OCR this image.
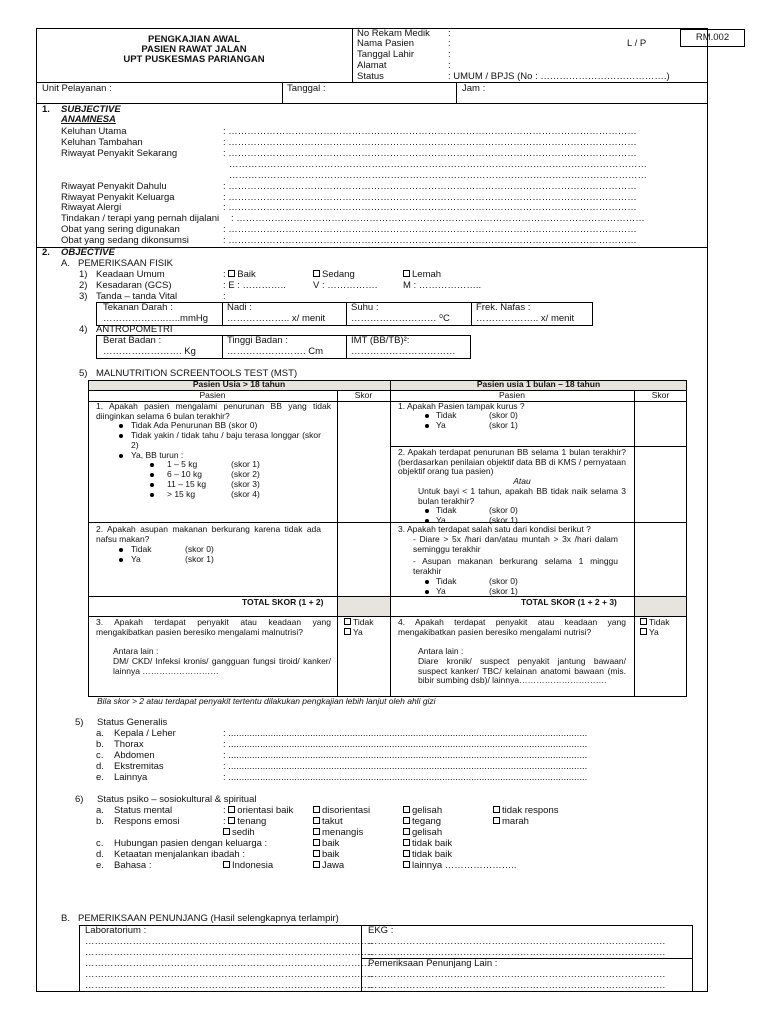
PENGKAJIAN AWAL
PASIEN RAWAT JALAN
UPT PUSKESMAS PARIANGAN
RM.002
L / P
No Rekam Medik
Nama Pasien
Tanggal Lahir
Alamat
Status
:
:
:
:
: UMUM / BPJS (No : ………………………………….)
Unit Pelayanan :	Tanggal :	Jam :
1. SUBJECTIVE
ANAMNESA
Keluhan Utama	: …………………………………………………………………………………………………………………
Keluhan Tambahan	: …………………………………………………………………………………………………………………
Riwayat Penyakit Sekarang	: …………………………………………………………………………………………………………………
……………………………………………………………………………………………………………………
……………………………………………………………………………………………………………………
Riwayat Penyakit Dahulu	: …………………………………………………………………………………………………………………
Riwayat Penyakit Keluarga	: …………………………………………………………………………………………………………………
Riwayat Alergi	: …………………………………………………………………………………………………………………
Tindakan / terapi yang pernah dijalani : …………………………………………………………………………………………………………………
Obat yang sering digunakan	: …………………………………………………………………………………………………………………
Obat yang sedang dikonsumsi	: …………………………………………………………………………………………………………………
2. OBJECTIVE
A. PEMERIKSAAN FISIK
1) Keadaan Umum	: Baik	Sedang	Lemah
2) Kesadaran (GCS)	: E : …………..	V : …………….	M : ………………..
3) Tanda – tanda Vital	:
Tekanan Darah :
………………..…..mmHg
Nadi :
……………….. x/ menit
Suhu :
……………………… ⁰C
Frek. Nafas :
……………….. x/ menit
4) ANTROPOMETRI
Berat Badan :
……………………. Kg
Tinggi Badan :
……………………. Cm
IMT (BB/TB)²:
……………………………
5) MALNUTRITION SCREENTOOLS TEST (MST)
Pasien Usia > 18 tahun	Pasien usia 1 bulan – 18 tahun
Pasien	Skor	Pasien	Skor
1. Apakah pasien mengalami penurunan BB yang tidak diinginkan selama 6 bulan terakhir?
Tidak Ada Penurunan BB (skor 0)
Tidak yakin / tidak tahu / baju terasa longgar (skor 2)
Ya, BB turun :
1 – 5 kg	(skor 1)
6 – 10 kg	(skor 2)
11 – 15 kg	(skor 3)
> 15 kg	(skor 4)
2. Apakah asupan makanan berkurang karena tidak ada nafsu makan?
Tidak	(skor 0)
Ya	(skor 1)
1. Apakah Pasien tampak kurus ?
Tidak	(skor 0)
Ya	(skor 1)
2. Apakah terdapat penurunan BB selama 1 bulan terakhir? (berdasarkan penilaian objektif data BB di KMS / pernyataan objektif orang tua pasien)
Atau
Untuk bayi < 1 tahun, apakah BB tidak naik selama 3 bulan terakhir?
Tidak	(skor 0)
Ya	(skor 1)
3. Apakah terdapat salah satu dari kondisi berikut ?
- Diare > 5x /hari dan/atau muntah > 3x /hari dalam seminggu terakhir
- Asupan makanan berkurang selama 1 minggu terakhir
Tidak	(skor 0)
Ya	(skor 1)
TOTAL SKOR (1 + 2)	TOTAL SKOR (1 + 2 + 3)
3. Apakah terdapat penyakit atau keadaan yang mengakibatkan pasien beresiko mengalami malnutrisi?
Antara lain :
DM/ CKD/ Infeksi kronis/ gangguan fungsi tiroid/ kanker/ lainnya ………………………
Tidak
Ya
4. Apakah terdapat penyakit atau keadaan yang mengakibatkan pasien beresiko mengalami nutrisi?
Antara lain :
Diare kronik/ suspect penyakit jantung bawaan/ suspect kanker/ TBC/ kelainan anatomi bawaan (mis. bibir sumbing dsb)/ lainnya………………………….
Tidak
Ya
Bila skor > 2 atau terdapat penyakit tertentu dilakukan pengkajian lebih lanjut oleh ahli gizi
5) Status Generalis
a. Kepala / Leher	: ........................................................................................................................................
b. Thorax	: ........................................................................................................................................
c. Abdomen	: ........................................................................................................................................
d. Ekstremitas	: ........................................................................................................................................
e. Lainnya	: ........................................................................................................................................
6) Status psiko – sosiokultural & spiritual
a. Status mental	: orientasi baik	disorientasi	gelisah	tidak respons
b. Respons emosi	: tenang	takut	tegang	marah
sedih	menangis	gelisah
c. Hubungan pasien dengan keluarga :	baik	tidak baik
d. Ketaatan menjalankan ibadah :	baik	tidak baik
e. Bahasa :	Indonesia	Jawa	lainnya …………………..
B. PEMERIKSAAN PENUNJANG (Hasil selengkapnya terlampir)
Laboratorium :
……………………………………………………………………………….
……………………………………………………………………………….
……………………………………………………………………………….
……………………………………………………………………………….
……………………………………………………………………………….
EKG :
………………………………………………………………………………….
………………………………………………………………………………….
Pemeriksaan Penunjang Lain :
………………………………………………………………………………….
………………………………………………………………………………….
